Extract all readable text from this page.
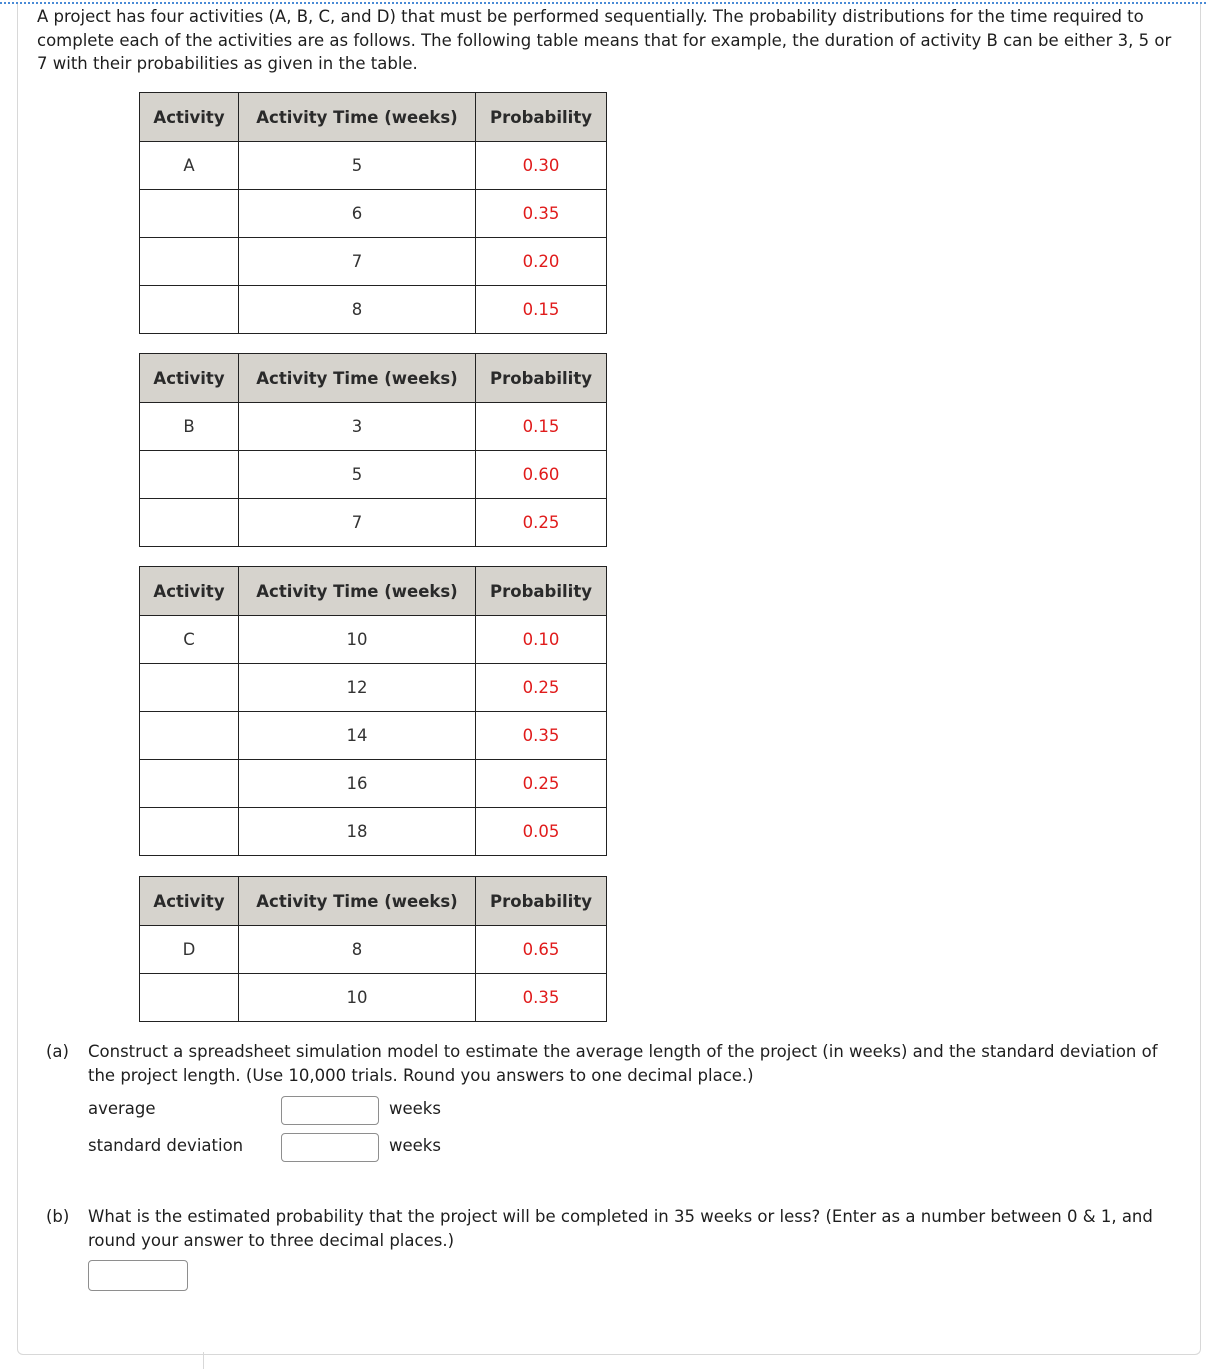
A project has four activities (A, B, C, and D) that must be performed sequentially. The probability distributions for the time required to complete each of the activities are as follows. The following table means that for example, the duration of activity B can be either 3, 5 or 7 with their probabilities as given in the table.

Activity	Activity Time (weeks)	Probability
A	5	0.30
	6	0.35
	7	0.20
	8	0.15
Activity	Activity Time (weeks)	Probability
B	3	0.15
	5	0.60
	7	0.25
Activity	Activity Time (weeks)	Probability
C	10	0.10
	12	0.25
	14	0.35
	16	0.25
	18	0.05
Activity	Activity Time (weeks)	Probability
D	8	0.65
	10	0.35
(a) Construct a spreadsheet simulation model to estimate the average length of the project (in weeks) and the standard deviation of the project length. (Use 10,000 trials. Round you answers to one decimal place.)

average	weeks
standard deviation	weeks
(b) What is the estimated probability that the project will be completed in 35 weeks or less? (Enter as a number between 0 & 1, and round your answer to three decimal places.)
